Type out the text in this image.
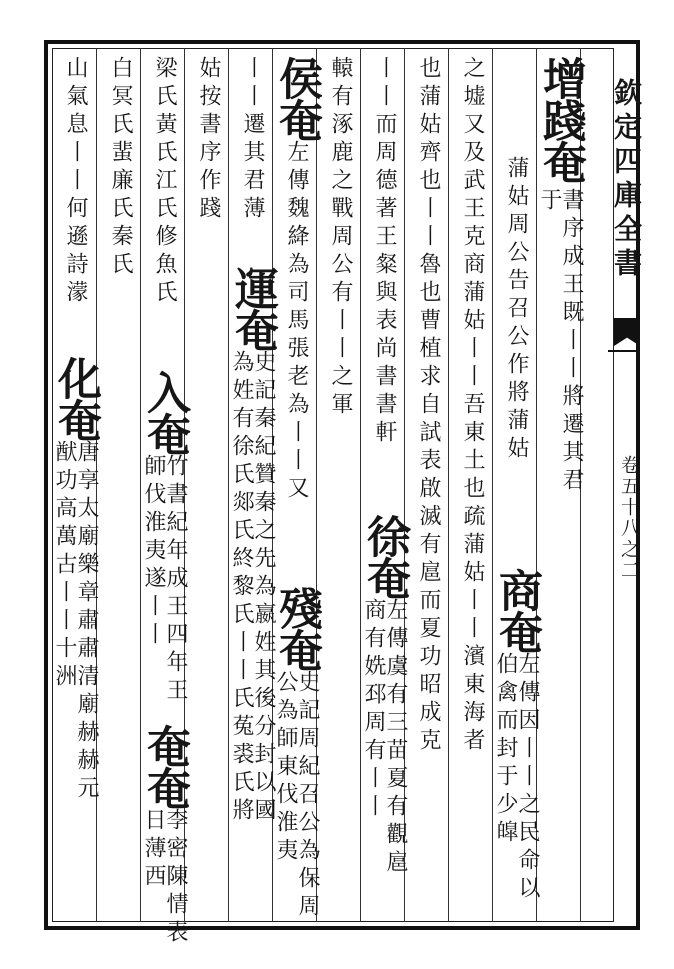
欽定四庫全書
卷五十八之二
增踐奄
書序成王既丨丨將遷其君于
蒲姑周公告召公作將蒲姑
商奄
左傳因丨丨之民命以伯禽而封于少皡
之墟又及武王克商蒲姑丨丨吾東土也疏蒲姑丨丨濱東海者
也蒲姑齊也丨丨魯也曹植求自試表啟滅有扈而夏功昭成克
丨丨而周德著王粲與表尚書書軒
徐奄
左傳虞有三苗夏有觀扈商有姺邳周有丨丨
轅有涿鹿之戰周公有丨丨之軍
侯奄
左傳魏絳為司馬張老為丨丨又
殘奄
史記周紀召公為保周公為師東伐淮夷
丨丨遷其君薄
運奄
史記秦紀贊秦之先為嬴姓其後分封以國為姓有徐氏郯氏終黎氏丨丨氏菟裘氏將
姑按書序作踐
梁氏黃氏江氏修魚氏
入奄
竹書紀年成王四年王師伐淮夷遂丨丨
奄奄
李密陳情表日薄西
白冥氏蜚廉氏秦氏
山氣息丨丨何遜詩濛
化奄
唐享太廟樂章肅肅清廟赫赫元猷功高萬古丨丨十洲
